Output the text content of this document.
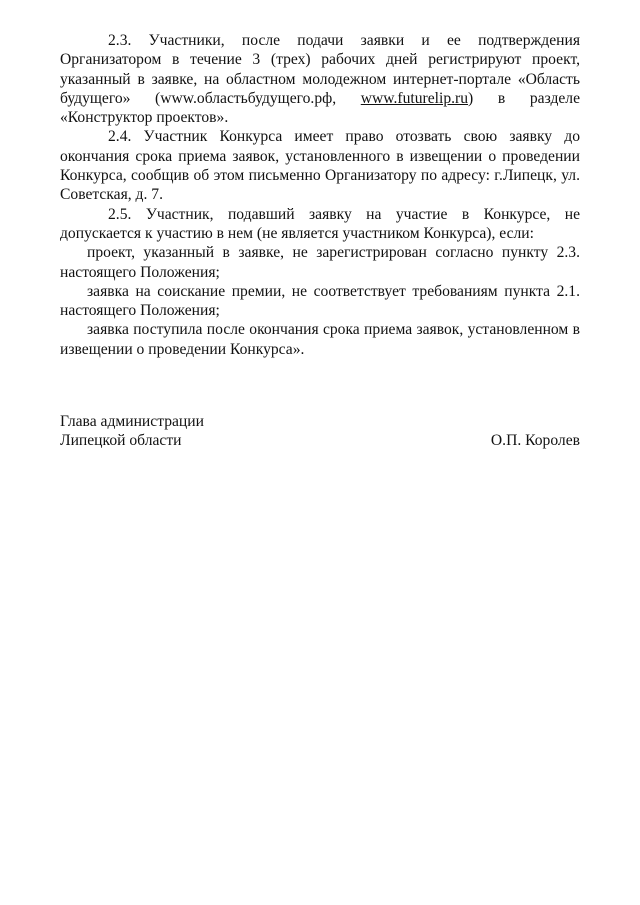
2.3. Участники, после подачи заявки и ее подтверждения Организатором в течение 3 (трех) рабочих дней регистрируют проект, указанный в заявке, на областном молодежном интернет-портале «Область будущего» (www.областьбудущего.рф, www.futurelip.ru) в разделе «Конструктор проектов».

2.4. Участник Конкурса имеет право отозвать свою заявку до окончания срока приема заявок, установленного в извещении о проведении Конкурса, сообщив об этом письменно Организатору по адресу: г.Липецк, ул. Советская, д. 7.

2.5. Участник, подавший заявку на участие в Конкурсе, не допускается к участию в нем (не является участником Конкурса), если:

проект, указанный в заявке, не зарегистрирован согласно пункту 2.3. настоящего Положения;

заявка на соискание премии, не соответствует требованиям пункта 2.1. настоящего Положения;

заявка поступила после окончания срока приема заявок, установленном в извещении о проведении Конкурса».

Глава администрации
Липецкой области	О.П. Королев
